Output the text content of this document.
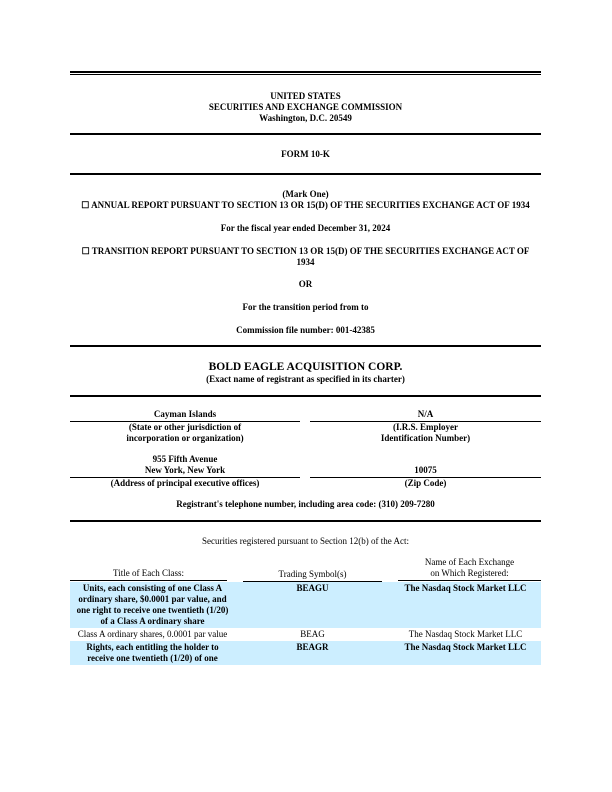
UNITED STATES
SECURITIES AND EXCHANGE COMMISSION
Washington, D.C. 20549
FORM 10-K
(Mark One)
☐ ANNUAL REPORT PURSUANT TO SECTION 13 OR 15(D) OF THE SECURITIES EXCHANGE ACT OF 1934
For the fiscal year ended December 31, 2024
☐ TRANSITION REPORT PURSUANT TO SECTION 13 OR 15(D) OF THE SECURITIES EXCHANGE ACT OF 1934
OR
For the transition period from to
Commission file number: 001-42385
BOLD EAGLE ACQUISITION CORP.
(Exact name of registrant as specified in its charter)
Cayman Islands
(State or other jurisdiction of
incorporation or organization)
N/A
(I.R.S. Employer
Identification Number)
955 Fifth Avenue
New York, New York
(Address of principal executive offices)
10075
(Zip Code)
Registrant's telephone number, including area code: (310) 209-7280
Securities registered pursuant to Section 12(b) of the Act:
Title of Each Class:	Trading Symbol(s)	Name of Each Exchange
on Which Registered:

Units, each consisting of one Class A ordinary share, $0.0001 par value, and one right to receive one twentieth (1/20) of a Class A ordinary share	BEAGU	The Nasdaq Stock Market LLC
Class A ordinary shares, 0.0001 par value	BEAG	The Nasdaq Stock Market LLC
Rights, each entitling the holder to receive one twentieth (1/20) of one	BEAGR	The Nasdaq Stock Market LLC
